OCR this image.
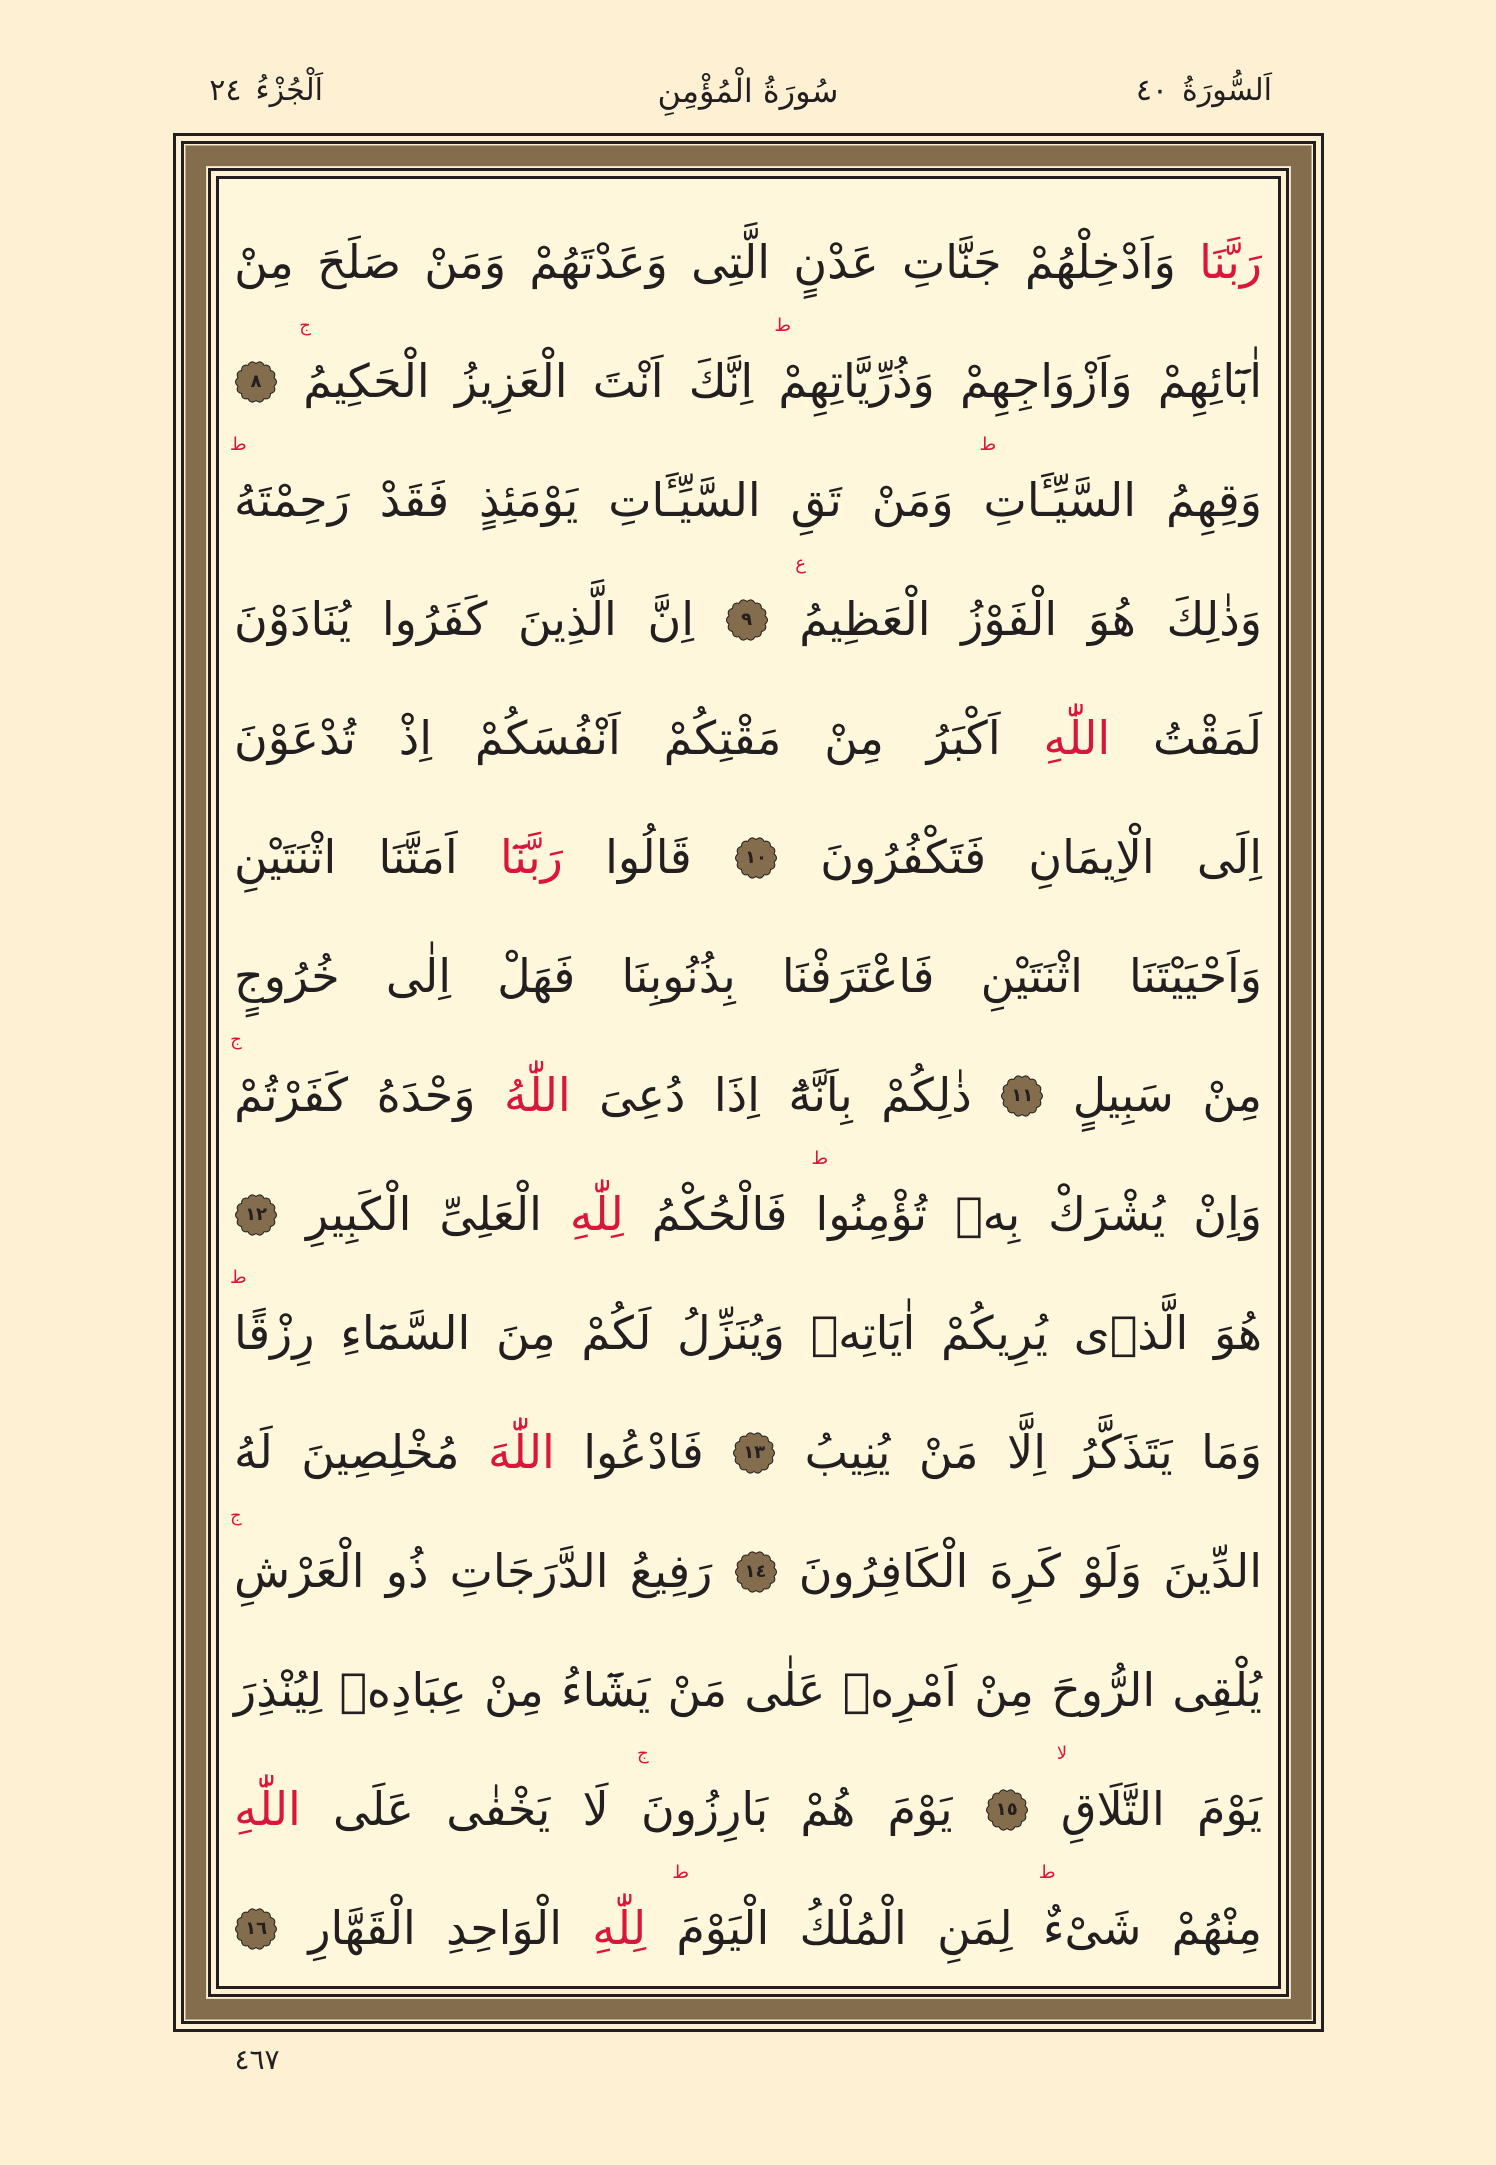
اَلْجُزْءُ٢٤	سُورَةُ الْمُؤْمِنِ	اَلسُّورَةُ٤٠
رَبَّنَا
وَاَدْخِلْهُمْ
جَنَّاتِ
عَدْنٍ
الَّتِى
وَعَدْتَهُمْ
وَمَنْ
صَلَحَ
مِنْ
اٰبَٓائِهِمْ
وَاَزْوَاجِهِمْ
وَذُرِّيَّاتِهِمْ
ط
اِنَّكَ
اَنْتَ
الْعَزِيزُ
الْحَكِيمُ
ج
٨
وَقِهِمُ
السَّيِّـَٔاتِ
ط
وَمَنْ
تَقِ
السَّيِّـَٔاتِ
يَوْمَئِذٍ
فَقَدْ
رَحِمْتَهُ
ط
وَذٰلِكَ
هُوَ
الْفَوْزُ
الْعَظِيمُ
ع
٩
اِنَّ
الَّذِينَ
كَفَرُوا
يُنَادَوْنَ
لَمَقْتُ
اللّٰهِ
اَكْبَرُ
مِنْ
مَقْتِكُمْ
اَنْفُسَكُمْ
اِذْ
تُدْعَوْنَ
اِلَى
الْاِيمَانِ
فَتَكْفُرُونَ
١٠
قَالُوا
رَبَّنَٓا
اَمَتَّنَا
اثْنَتَيْنِ
وَاَحْيَيْتَنَا
اثْنَتَيْنِ
فَاعْتَرَفْنَا
بِذُنُوبِنَا
فَهَلْ
اِلٰى
خُرُوجٍ
مِنْ
سَبِيلٍ
١١
ذٰلِكُمْ
بِاَنَّهُٓ
اِذَا
دُعِىَ
اللّٰهُ
وَحْدَهُ
كَفَرْتُمْ
ج
وَاِنْ
يُشْرَكْ
بِهٖ
تُؤْمِنُوا
ط
فَالْحُكْمُ
لِلّٰهِ
الْعَلِىِّ
الْكَبِيرِ
١٢
هُوَ
الَّذٖى
يُرِيكُمْ
اٰيَاتِهٖ
وَيُنَزِّلُ
لَكُمْ
مِنَ
السَّمَٓاءِ
رِزْقًا
ط
وَمَا
يَتَذَكَّرُ
اِلَّا
مَنْ
يُنِيبُ
١٣
فَادْعُوا
اللّٰهَ
مُخْلِصِينَ
لَهُ
الدِّينَ
وَلَوْ
كَرِهَ
الْكَافِرُونَ
١٤
رَفِيعُ
الدَّرَجَاتِ
ذُو
الْعَرْشِ
ج
يُلْقِى
الرُّوحَ
مِنْ
اَمْرِهٖ
عَلٰى
مَنْ
يَشَٓاءُ
مِنْ
عِبَادِهٖ
لِيُنْذِرَ
يَوْمَ
التَّلَاقِ
لا
١٥
يَوْمَ
هُمْ
بَارِزُونَ
ج
لَا
يَخْفٰى
عَلَى
اللّٰهِ
مِنْهُمْ
شَىْءٌ
ط
لِمَنِ
الْمُلْكُ
الْيَوْمَ
ط
لِلّٰهِ
الْوَاحِدِ
الْقَهَّارِ
١٦
٤٦٧
